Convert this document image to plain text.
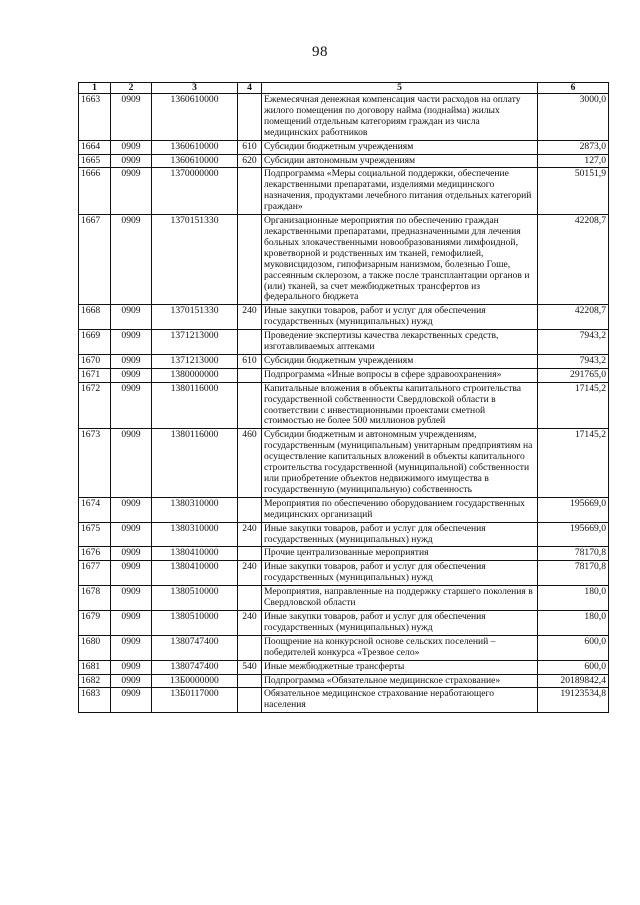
98
1	2	3	4	5	6
1663	0909	1360610000		Ежемесячная денежная компенсация части расходов на оплату жилого помещения по договору найма (поднайма) жилых помещений отдельным категориям граждан из числа медицинских работников	3000,0
1664	0909	1360610000	610	Субсидии бюджетным учреждениям	2873,0
1665	0909	1360610000	620	Субсидии автономным учреждениям	127,0
1666	0909	1370000000		Подпрограмма «Меры социальной поддержки, обеспечение лекарственными препаратами, изделиями медицинского назначения, продуктами лечебного питания отдельных категорий граждан»	50151,9
1667	0909	1370151330		Организационные мероприятия по обеспечению граждан лекарственными препаратами, предназначенными для лечения больных злокачественными новообразованиями лимфоидной, кроветворной и родственных им тканей, гемофилией, муковисцидозом, гипофизарным нанизмом, болезнью Гоше, рассеянным склерозом, а также после трансплантации органов и (или) тканей, за счет межбюджетных трансфертов из федерального бюджета	42208,7
1668	0909	1370151330	240	Иные закупки товаров, работ и услуг для обеспечения государственных (муниципальных) нужд	42208,7
1669	0909	1371213000		Проведение экспертизы качества лекарственных средств, изготавливаемых аптеками	7943,2
1670	0909	1371213000	610	Субсидии бюджетным учреждениям	7943,2
1671	0909	1380000000		Подпрограмма «Иные вопросы в сфере здравоохранения»	291765,0
1672	0909	1380116000		Капитальные вложения в объекты капитального строительства государственной собственности Свердловской области в соответствии с инвестиционными проектами сметной стоимостью не более 500 миллионов рублей	17145,2
1673	0909	1380116000	460	Субсидии бюджетным и автономным учреждениям, государственным (муниципальным) унитарным предприятиям на осуществление капитальных вложений в объекты капитального строительства государственной (муниципальной) собственности или приобретение объектов недвижимого имущества в государственную (муниципальную) собственность	17145,2
1674	0909	1380310000		Мероприятия по обеспечению оборудованием государственных медицинских организаций	195669,0
1675	0909	1380310000	240	Иные закупки товаров, работ и услуг для обеспечения государственных (муниципальных) нужд	195669,0
1676	0909	1380410000		Прочие централизованные мероприятия	78170,8
1677	0909	1380410000	240	Иные закупки товаров, работ и услуг для обеспечения государственных (муниципальных) нужд	78170,8
1678	0909	1380510000		Мероприятия, направленные на поддержку старшего поколения в Свердловской области	180,0
1679	0909	1380510000	240	Иные закупки товаров, работ и услуг для обеспечения государственных (муниципальных) нужд	180,0
1680	0909	1380747400		Поощрение на конкурсной основе сельских поселений – победителей конкурса «Трезвое село»	600,0
1681	0909	1380747400	540	Иные межбюджетные трансферты	600,0
1682	0909	13Б0000000		Подпрограмма «Обязательное медицинское страхование»	20189842,4
1683	0909	13Б0117000		Обязательное медицинское страхование неработающего населения	19123534,8
